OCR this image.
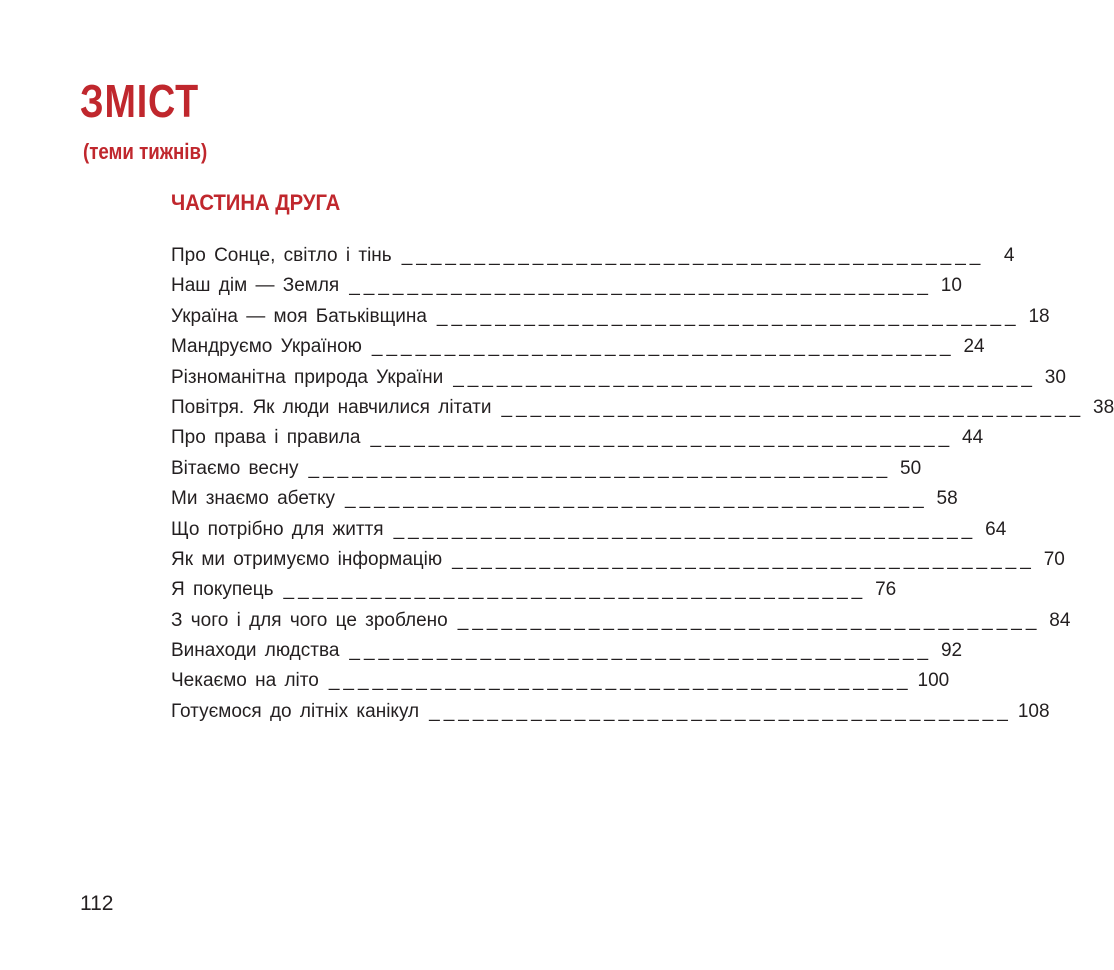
ЗМІСТ
(теми тижнів)
ЧАСТИНА ДРУГА
Про Сонце, світло і тінь ________________________________________	4
Наш дім — Земля ________________________________________ 10
Україна — моя Батьківщина ________________________________________ 18
Мандруємо Україною ________________________________________ 24
Різноманітна природа України ________________________________________ 30
Повітря. Як люди навчилися літати ________________________________________ 38
Про права і правила ________________________________________ 44
Вітаємо весну ________________________________________ 50
Ми знаємо абетку ________________________________________ 58
Що потрібно для життя ________________________________________ 64
Як ми отримуємо інформацію ________________________________________ 70
Я покупець ________________________________________ 76
З чого і для чого це зроблено ________________________________________ 84
Винаходи людства ________________________________________ 92
Чекаємо на літо ________________________________________ 100
Готуємося до літніх канікул ________________________________________ 108
112
